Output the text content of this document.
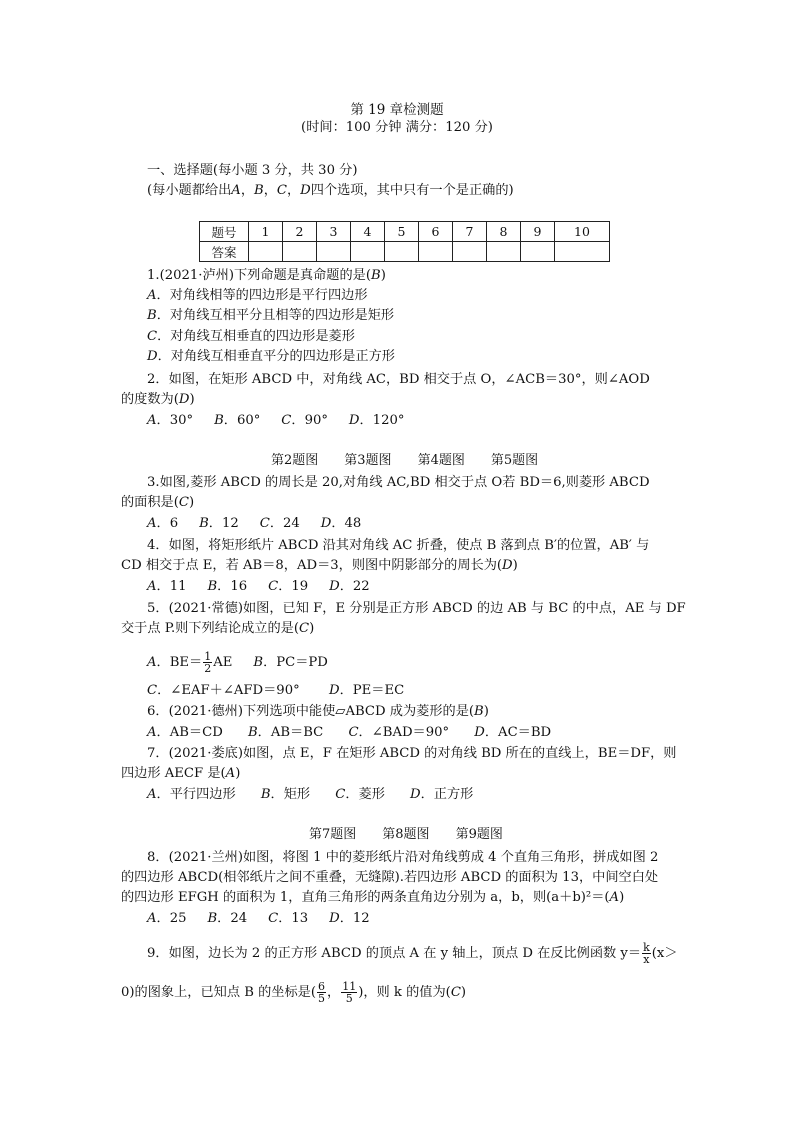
第 19 章检测题
(时间：100 分钟 满分：120 分)
一、选择题(每小题 3 分，共 30 分)
(每小题都给出A，B，C，D四个选项，其中只有一个是正确的)
题号	1	2	3	4	5	6	7	8	9	10
答案										
1.(2021·泸州)下列命题是真命题的是(B)
A．对角线相等的四边形是平行四边形
B．对角线互相平分且相等的四边形是矩形
C．对角线互相垂直的四边形是菱形
D．对角线互相垂直平分的四边形是正方形
2．如图，在矩形 ABCD 中，对角线 AC，BD 相交于点 O，∠ACB＝30°，则∠AOD
的度数为(D)
A．30° B．60° C．90° D．120°
第2题图 第3题图 第4题图 第5题图
3.如图,菱形 ABCD 的周长是 20,对角线 AC,BD 相交于点 O若 BD＝6,则菱形 ABCD
的面积是(C)
A．6 B．12 C．24 D．48
4．如图，将矩形纸片 ABCD 沿其对角线 AC 折叠，使点 B 落到点 B′的位置，AB′ 与
CD 相交于点 E，若 AB＝8，AD＝3，则图中阴影部分的周长为(D)
A．11 B．16 C．19 D．22
5．(2021·常德)如图，已知 F，E 分别是正方形 ABCD 的边 AB 与 BC 的中点，AE 与 DF
交于点 P.则下列结论成立的是(C)
A．$BE= \frac{1}{2}$ AE B．PC＝PD
C．∠EAF＋∠AFD＝90° D．PE＝EC
6．(2021·德州)下列选项中能使▱ABCD 成为菱形的是(B)
A．AB＝CD B．AB＝BC C．∠BAD＝90° D．AC＝BD
7．(2021·娄底)如图，点 E，F 在矩形 ABCD 的对角线 BD 所在的直线上，BE＝DF，则
四边形 AECF 是(A)
A．平行四边形 B．矩形 C．菱形 D．正方形
第7题图 第8题图 第9题图
8．(2021·兰州)如图，将图 1 中的菱形纸片沿对角线剪成 4 个直角三角形，拼成如图 2
的四边形 ABCD(相邻纸片之间不重叠，无缝隙).若四边形 ABCD 的面积为 13，中间空白处
的四边形 EFGH 的面积为 1，直角三角形的两条直角边分别为 a，b，则(a＋b)²＝(A)
A．25 B．24 C．13 D．12
9．如图，边长为 2 的正方形 ABCD 的顶点 A 在 y 轴上，顶点 D 在反比例函数 $y= \frac{k}{x} (x>$
0)的图象上，已知点 B 的坐标是( $\frac{6}{5}$ ， $\frac{11}{5}$ )，则 k 的值为(C)
